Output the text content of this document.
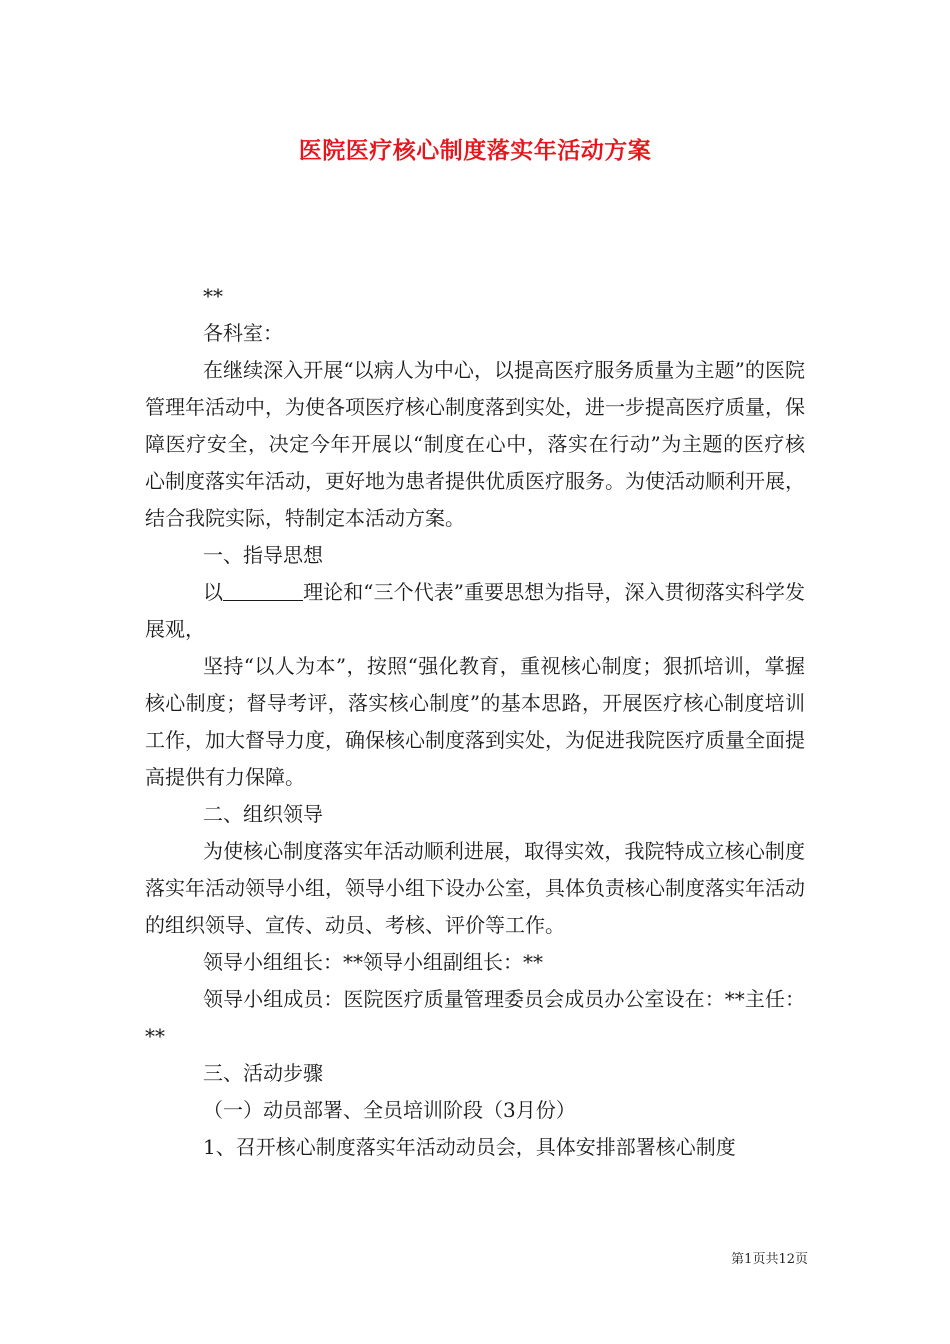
医院医疗核心制度落实年活动方案

**

各科室：

在继续深入开展“以病人为中心，以提高医疗服务质量为主题”的医院管理年活动中，为使各项医疗核心制度落到实处，进一步提高医疗质量，保障医疗安全，决定今年开展以“制度在心中，落实在行动”为主题的医疗核心制度落实年活动，更好地为患者提供优质医疗服务。为使活动顺利开展，结合我院实际，特制定本活动方案。

一、指导思想

以	理论和“三个代表”重要思想为指导，深入贯彻落实科学发展观，

坚持“以人为本”，按照“强化教育，重视核心制度；狠抓培训，掌握核心制度；督导考评，落实核心制度”的基本思路，开展医疗核心制度培训工作，加大督导力度，确保核心制度落到实处，为促进我院医疗质量全面提高提供有力保障。

二、组织领导

为使核心制度落实年活动顺利进展，取得实效，我院特成立核心制度落实年活动领导小组，领导小组下设办公室，具体负责核心制度落实年活动的组织领导、宣传、动员、考核、评价等工作。

领导小组组长：**领导小组副组长：**

领导小组成员：医院医疗质量管理委员会成员办公室设在：**主任：**

三、活动步骤

（一）动员部署、全员培训阶段（3月份）

1、召开核心制度落实年活动动员会，具体安排部署核心制度

第1页共12页
